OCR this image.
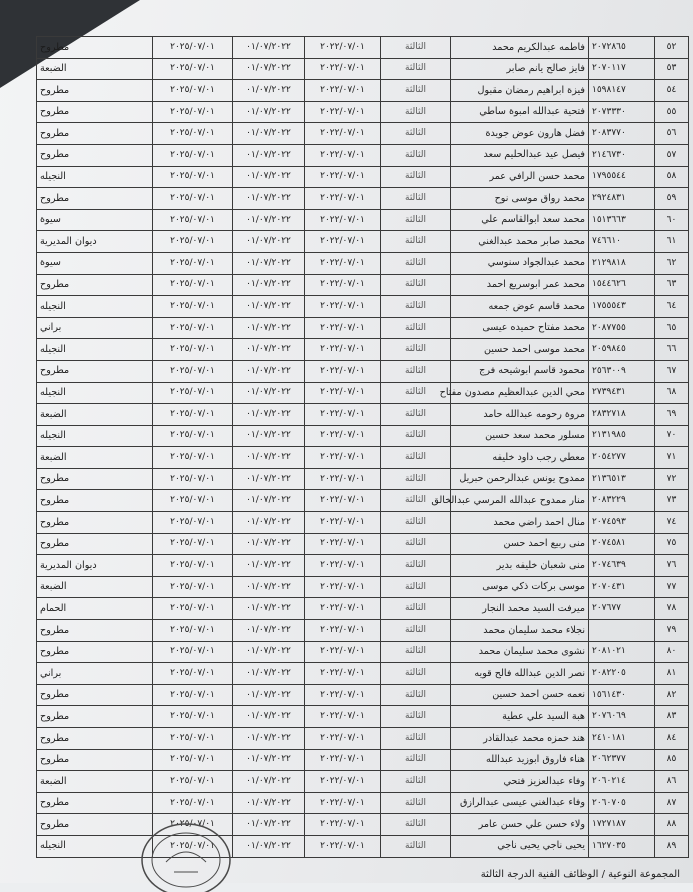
مطروح	٢٠٢٥/٠٧/٠١	٠١/٠٧/٢٠٢٢	٢٠٢٢/٠٧/٠١	الثالثة	فاطمه عبدالكريم محمد	٢٠٧٢٨٦٥	٥٢
الضبعة	٢٠٢٥/٠٧/٠١	٠١/٠٧/٢٠٢٢	٢٠٢٢/٠٧/٠١	الثالثة	فايز صالح يانم صابر	٢٠٧٠١١٧	٥٣
مطروح	٢٠٢٥/٠٧/٠١	٠١/٠٧/٢٠٢٢	٢٠٢٢/٠٧/٠١	الثالثة	فيزة ابراهيم رمضان مقبول	١٥٩٨١٤٧	٥٤
مطروح	٢٠٢٥/٠٧/٠١	٠١/٠٧/٢٠٢٢	٢٠٢٢/٠٧/٠١	الثالثة	فتحية عبدالله امبوة ساطي	٢٠٧٣٣٣٠	٥٥
مطروح	٢٠٢٥/٠٧/٠١	٠١/٠٧/٢٠٢٢	٢٠٢٢/٠٧/٠١	الثالثة	فضل هارون عوض جويدة	٢٠٨٣٧٧٠	٥٦
مطروح	٢٠٢٥/٠٧/٠١	٠١/٠٧/٢٠٢٢	٢٠٢٢/٠٧/٠١	الثالثة	فيصل عيد عبدالحليم سعد	٢١٤٦٧٣٠	٥٧
النجيله	٢٠٢٥/٠٧/٠١	٠١/٠٧/٢٠٢٢	٢٠٢٢/٠٧/٠١	الثالثة	محمد حسن الرافي عمر	١٧٩٥٥٤٤	٥٨
مطروح	٢٠٢٥/٠٧/٠١	٠١/٠٧/٢٠٢٢	٢٠٢٢/٠٧/٠١	الثالثة	محمد رواق موسى نوح	٢٩٢٤٨٣١	٥٩
سيوة	٢٠٢٥/٠٧/٠١	٠١/٠٧/٢٠٢٢	٢٠٢٢/٠٧/٠١	الثالثة	محمد سعد ابوالقاسم علي	١٥١٣٦٦٣	٦٠
ديوان المديرية	٢٠٢٥/٠٧/٠١	٠١/٠٧/٢٠٢٢	٢٠٢٢/٠٧/٠١	الثالثة	محمد صابر محمد عبدالغني	٧٤٦٦١٠	٦١
سيوة	٢٠٢٥/٠٧/٠١	٠١/٠٧/٢٠٢٢	٢٠٢٢/٠٧/٠١	الثالثة	محمد عبدالجواد سنوسي	٢١٢٩٨١٨	٦٢
مطروح	٢٠٢٥/٠٧/٠١	٠١/٠٧/٢٠٢٢	٢٠٢٢/٠٧/٠١	الثالثة	محمد عمر ابوسريع احمد	١٥٤٤٦٢٦	٦٣
النجيله	٢٠٢٥/٠٧/٠١	٠١/٠٧/٢٠٢٢	٢٠٢٢/٠٧/٠١	الثالثة	محمد قاسم عوض جمعه	١٧٥٥٥٤٣	٦٤
براني	٢٠٢٥/٠٧/٠١	٠١/٠٧/٢٠٢٢	٢٠٢٢/٠٧/٠١	الثالثة	محمد مفتاح حميده عيسى	٢٠٨٧٧٥٥	٦٥
النجيله	٢٠٢٥/٠٧/٠١	٠١/٠٧/٢٠٢٢	٢٠٢٢/٠٧/٠١	الثالثة	محمد موسى احمد حسين	٢٠٥٩٨٤٥	٦٦
مطروح	٢٠٢٥/٠٧/٠١	٠١/٠٧/٢٠٢٢	٢٠٢٢/٠٧/٠١	الثالثة	محمود قاسم ابوشيحه فرج	٢٥٦٣٠٠٩	٦٧
النجيله	٢٠٢٥/٠٧/٠١	٠١/٠٧/٢٠٢٢	٢٠٢٢/٠٧/٠١	الثالثة	محي الدين عبدالعظيم مصدون مفتاح	٢٧٣٩٤٣١	٦٨
الضبعة	٢٠٢٥/٠٧/٠١	٠١/٠٧/٢٠٢٢	٢٠٢٢/٠٧/٠١	الثالثة	مروة رحومه عبدالله حامد	٢٨٣٢٧١٨	٦٩
النجيله	٢٠٢٥/٠٧/٠١	٠١/٠٧/٢٠٢٢	٢٠٢٢/٠٧/٠١	الثالثة	مسلور محمد سعد حسين	٢١٣١٩٨٥	٧٠
الضبعة	٢٠٢٥/٠٧/٠١	٠١/٠٧/٢٠٢٢	٢٠٢٢/٠٧/٠١	الثالثة	معطي رجب داود خليفه	٢٠٥٤٢٧٧	٧١
مطروح	٢٠٢٥/٠٧/٠١	٠١/٠٧/٢٠٢٢	٢٠٢٢/٠٧/٠١	الثالثة	ممدوح يونس عبدالرحمن حبريل	٢١٣٦٥١٣	٧٢
مطروح	٢٠٢٥/٠٧/٠١	٠١/٠٧/٢٠٢٢	٢٠٢٢/٠٧/٠١	الثالثة	منار ممدوح عبدالله المرسي عبدالخالق	٢٠٨٣٢٢٩	٧٣
مطروح	٢٠٢٥/٠٧/٠١	٠١/٠٧/٢٠٢٢	٢٠٢٢/٠٧/٠١	الثالثة	منال احمد راضي محمد	٢٠٧٤٥٩٣	٧٤
مطروح	٢٠٢٥/٠٧/٠١	٠١/٠٧/٢٠٢٢	٢٠٢٢/٠٧/٠١	الثالثة	منى ربيع احمد حسن	٢٠٧٤٥٨١	٧٥
ديوان المديرية	٢٠٢٥/٠٧/٠١	٠١/٠٧/٢٠٢٢	٢٠٢٢/٠٧/٠١	الثالثة	منى شعبان خليفه بدير	٢٠٧٤٦٣٩	٧٦
الضبعة	٢٠٢٥/٠٧/٠١	٠١/٠٧/٢٠٢٢	٢٠٢٢/٠٧/٠١	الثالثة	موسى بركات ذكي موسى	٢٠٧٠٤٣١	٧٧
الحمام	٢٠٢٥/٠٧/٠١	٠١/٠٧/٢٠٢٢	٢٠٢٢/٠٧/٠١	الثالثة	ميرفت السيد محمد النجار	٢٠٧٦٧٧	٧٨
مطروح	٢٠٢٥/٠٧/٠١	٠١/٠٧/٢٠٢٢	٢٠٢٢/٠٧/٠١	الثالثة	نجلاء محمد سليمان محمد		٧٩
مطروح	٢٠٢٥/٠٧/٠١	٠١/٠٧/٢٠٢٢	٢٠٢٢/٠٧/٠١	الثالثة	نشوى محمد سليمان محمد	٢٠٨١٠٢١	٨٠
براني	٢٠٢٥/٠٧/٠١	٠١/٠٧/٢٠٢٢	٢٠٢٢/٠٧/٠١	الثالثة	نصر الدين عبدالله فالح قويه	٢٠٨٢٢٠٥	٨١
مطروح	٢٠٢٥/٠٧/٠١	٠١/٠٧/٢٠٢٢	٢٠٢٢/٠٧/٠١	الثالثة	نعمه حسن احمد حسين	١٥٦١٤٣٠	٨٢
مطروح	٢٠٢٥/٠٧/٠١	٠١/٠٧/٢٠٢٢	٢٠٢٢/٠٧/٠١	الثالثة	هبة السيد علي عطية	٢٠٧٦٠٦٩	٨٣
مطروح	٢٠٢٥/٠٧/٠١	٠١/٠٧/٢٠٢٢	٢٠٢٢/٠٧/٠١	الثالثة	هند حمزه محمد عبدالقادر	٢٤١٠١٨١	٨٤
مطروح	٢٠٢٥/٠٧/٠١	٠١/٠٧/٢٠٢٢	٢٠٢٢/٠٧/٠١	الثالثة	هناء فاروق ابوزيد عبدالله	٢٠٦٢٣٧٧	٨٥
الضبعة	٢٠٢٥/٠٧/٠١	٠١/٠٧/٢٠٢٢	٢٠٢٢/٠٧/٠١	الثالثة	وفاء عبدالعزيز فتحي	٢٠٦٠٢١٤	٨٦
مطروح	٢٠٢٥/٠٧/٠١	٠١/٠٧/٢٠٢٢	٢٠٢٢/٠٧/٠١	الثالثة	وفاء عبدالغني عيسى عبدالرازق	٢٠٦٠٧٠٥	٨٧
مطروح	٢٠٢٥/٠٧/٠١	٠١/٠٧/٢٠٢٢	٢٠٢٢/٠٧/٠١	الثالثة	ولاء حسن علي حسن عامر	١٧٢٧١٨٧	٨٨
النجيله	٢٠٢٥/٠٧/٠١	٠١/٠٧/٢٠٢٢	٢٠٢٢/٠٧/٠١	الثالثة	يحيى ناجي يحيى ناجي	١٦٢٧٠٣٥	٨٩
المجموعة النوعية / الوظائف الفنية الدرجة الثالثة
